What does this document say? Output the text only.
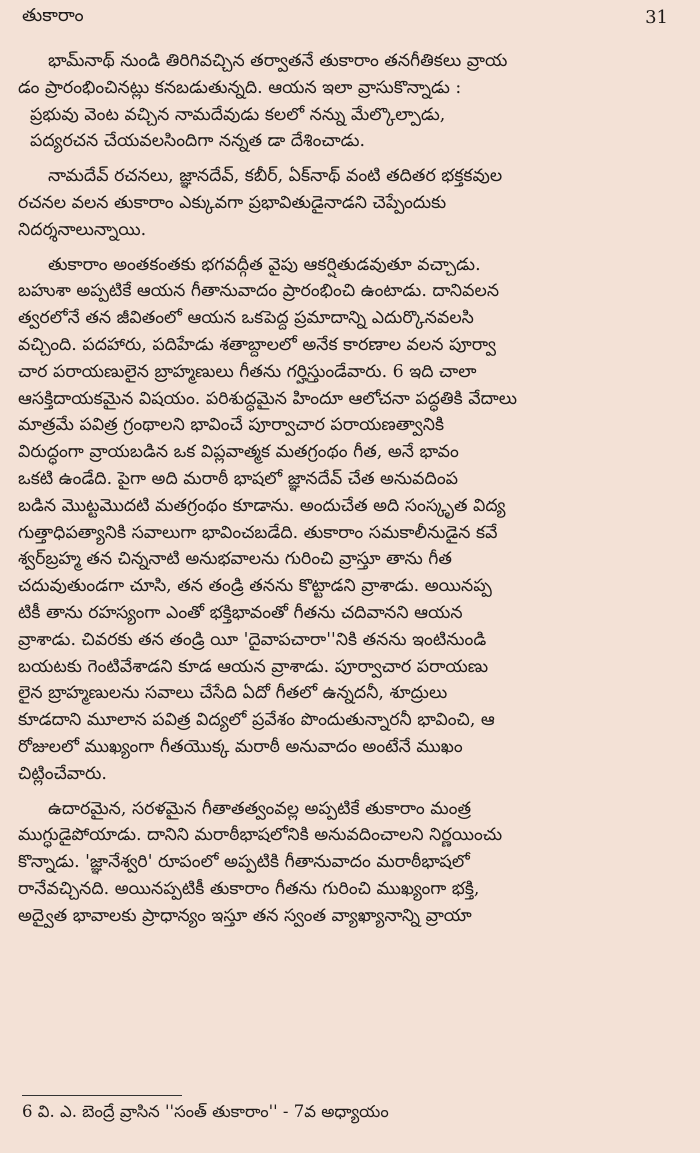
తుకారాం	31
భామ్‌నాథ్ నుండి తిరిగివచ్చిన తర్వాతనే తుకారాం తనగీతికలు వ్రాయ
డం ప్రారంభించినట్లు కనబడుతున్నది. ఆయన ఇలా వ్రాసుకొన్నాడు :
ప్రభువు వెంట వచ్చిన నామదేవుడు కలలో నన్ను మేల్కొల్పాడు,
పద్యరచన చేయవలసిందిగా నన్నత డా దేశించాడు.
నామదేవ్ రచనలు, జ్ఞానదేవ్, కబీర్, ఏక్‌నాథ్ వంటి తదితర భక్తకవుల
రచనల వలన తుకారాం ఎక్కువగా ప్రభావితుడైనాడని చెప్పేందుకు
నిదర్శనాలున్నాయి.
తుకారాం అంతకంతకు భగవద్గీత వైపు ఆకర్షితుడవుతూ వచ్చాడు.
బహుశా అప్పటికే ఆయన గీతానువాదం ప్రారంభించి ఉంటాడు. దానివలన
త్వరలోనే తన జీవితంలో ఆయన ఒకపెద్ద ప్రమాదాన్ని ఎదుర్కొనవలసి
వచ్చింది. పదహారు, పదిహేడు శతాబ్దాలలో అనేక కారణాల వలన పూర్వా
చార పరాయణులైన బ్రాహ్మణులు గీతను గర్హిస్తుండేవారు. 6 ఇది చాలా
ఆసక్తిదాయకమైన విషయం. పరిశుద్ధమైన హిందూ ఆలోచనా పద్ధతికి వేదాలు
మాత్రమే పవిత్ర గ్రంథాలని భావించే పూర్వాచార పరాయణత్వానికి
విరుద్ధంగా వ్రాయబడిన ఒక విప్లవాత్మక మతగ్రంథం గీత, అనే భావం
ఒకటి ఉండేది. పైగా అది మరాఠీ భాషలో జ్ఞానదేవ్ చేత అనువదింప
బడిన మొట్టమొదటి మతగ్రంథం కూడాను. అందుచేత అది సంస్కృత విద్య
గుత్తాధిపత్యానికి సవాలుగా భావించబడేది. తుకారాం సమకాలీనుడైన కవే
శ్వర్‌బ్రహ్మ తన చిన్ననాటి అనుభవాలను గురించి వ్రాస్తూ తాను గీత
చదువుతుండగా చూసి, తన తండ్రి తనను కొట్టాడని వ్రాశాడు. అయినప్ప
టికీ తాను రహస్యంగా ఎంతో భక్తిభావంతో గీతను చదివానని ఆయన
వ్రాశాడు. చివరకు తన తండ్రి యీ 'దైవాపచారా''నికి తనను ఇంటినుండి
బయటకు గెంటివేశాడని కూడ ఆయన వ్రాశాడు. పూర్వాచార పరాయణు
లైన బ్రాహ్మణులను సవాలు చేసేది ఏదో గీతలో ఉన్నదనీ, శూద్రులు
కూడదాని మూలాన పవిత్ర విద్యలో ప్రవేశం పొందుతున్నారనీ భావించి, ఆ
రోజులలో ముఖ్యంగా గీతయొక్క మరాఠీ అనువాదం అంటేనే ముఖం
చిట్లించేవారు.
ఉదారమైన, సరళమైన గీతాతత్వంవల్ల అప్పటికే తుకారాం మంత్ర
ముగ్ధుడైపోయాడు. దానిని మరాఠీభాషలోనికి అనువదించాలని నిర్ణయించు
కొన్నాడు. 'జ్ఞానేశ్వరి' రూపంలో అప్పటికి గీతానువాదం మరాఠీభాషలో
రానేవచ్చినది. అయినప్పటికీ తుకారాం గీతను గురించి ముఖ్యంగా భక్తి,
అద్వైత భావాలకు ప్రాధాన్యం ఇస్తూ తన స్వంత వ్యాఖ్యానాన్ని వ్రాయా
6 వి. ఎ. బెంద్రే వ్రాసిన ''సంత్ తుకారాం'' - 7వ అధ్యాయం
